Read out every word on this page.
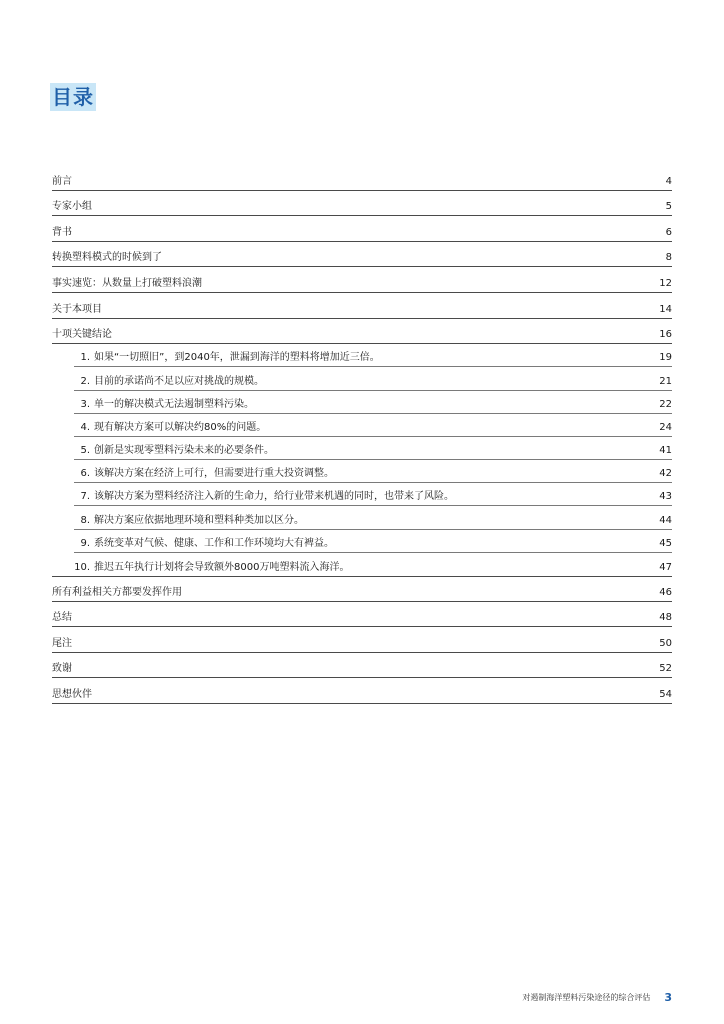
目录
前言	4
专家小组	5
背书	6
转换塑料模式的时候到了	8
事实速览：从数量上打破塑料浪潮	12
关于本项目	14
十项关键结论	16
1. 如果“一切照旧”，到2040年，泄漏到海洋的塑料将增加近三倍。	19
2. 目前的承诺尚不足以应对挑战的规模。	21
3. 单一的解决模式无法遏制塑料污染。	22
4. 现有解决方案可以解决约80%的问题。	24
5. 创新是实现零塑料污染未来的必要条件。	41
6. 该解决方案在经济上可行，但需要进行重大投资调整。	42
7. 该解决方案为塑料经济注入新的生命力，给行业带来机遇的同时，也带来了风险。	43
8. 解决方案应依据地理环境和塑料种类加以区分。	44
9. 系统变革对气候、健康、工作和工作环境均大有裨益。	45
10. 推迟五年执行计划将会导致额外8000万吨塑料流入海洋。	47
所有利益相关方都要发挥作用	46
总结	48
尾注	50
致谢	52
思想伙伴	54
对遏制海洋塑料污染途径的综合评估 3
